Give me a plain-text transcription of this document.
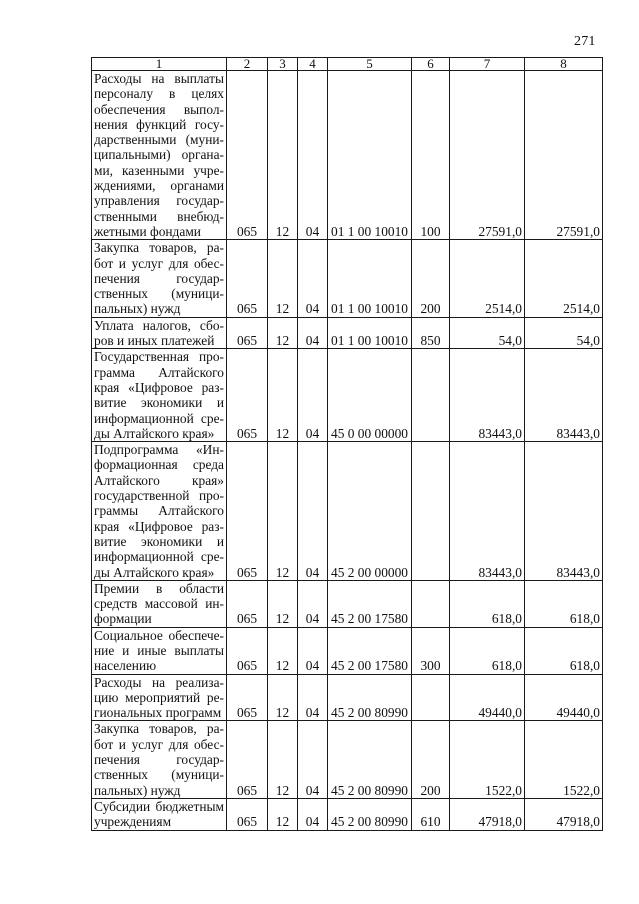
271
1	2	3	4	5	6	7	8
Расходы на выплаты персоналу в целях обеспечения выполнения функций государственными (муниципальными) органами, казенными учреждениями, органами управления государственными внебюджетными фондами	065	12	04	01 1 00 10010	100	27591,0	27591,0
Закупка товаров, работ и услуг для обеспечения государственных (муниципальных) нужд	065	12	04	01 1 00 10010	200	2514,0	2514,0
Уплата налогов, сборов и иных платежей	065	12	04	01 1 00 10010	850	54,0	54,0
Государственная программа Алтайского края «Цифровое развитие экономики и информационной среды Алтайского края»	065	12	04	45 0 00 00000		83443,0	83443,0
Подпрограмма «Информационная среда Алтайского края» государственной программы Алтайского края «Цифровое развитие экономики и информационной среды Алтайского края»	065	12	04	45 2 00 00000		83443,0	83443,0
Премии в области средств массовой информации	065	12	04	45 2 00 17580		618,0	618,0
Социальное обеспечение и иные выплаты населению	065	12	04	45 2 00 17580	300	618,0	618,0
Расходы на реализацию мероприятий региональных программ	065	12	04	45 2 00 80990		49440,0	49440,0
Закупка товаров, работ и услуг для обеспечения государственных (муниципальных) нужд	065	12	04	45 2 00 80990	200	1522,0	1522,0
Субсидии бюджетным учреждениям	065	12	04	45 2 00 80990	610	47918,0	47918,0
